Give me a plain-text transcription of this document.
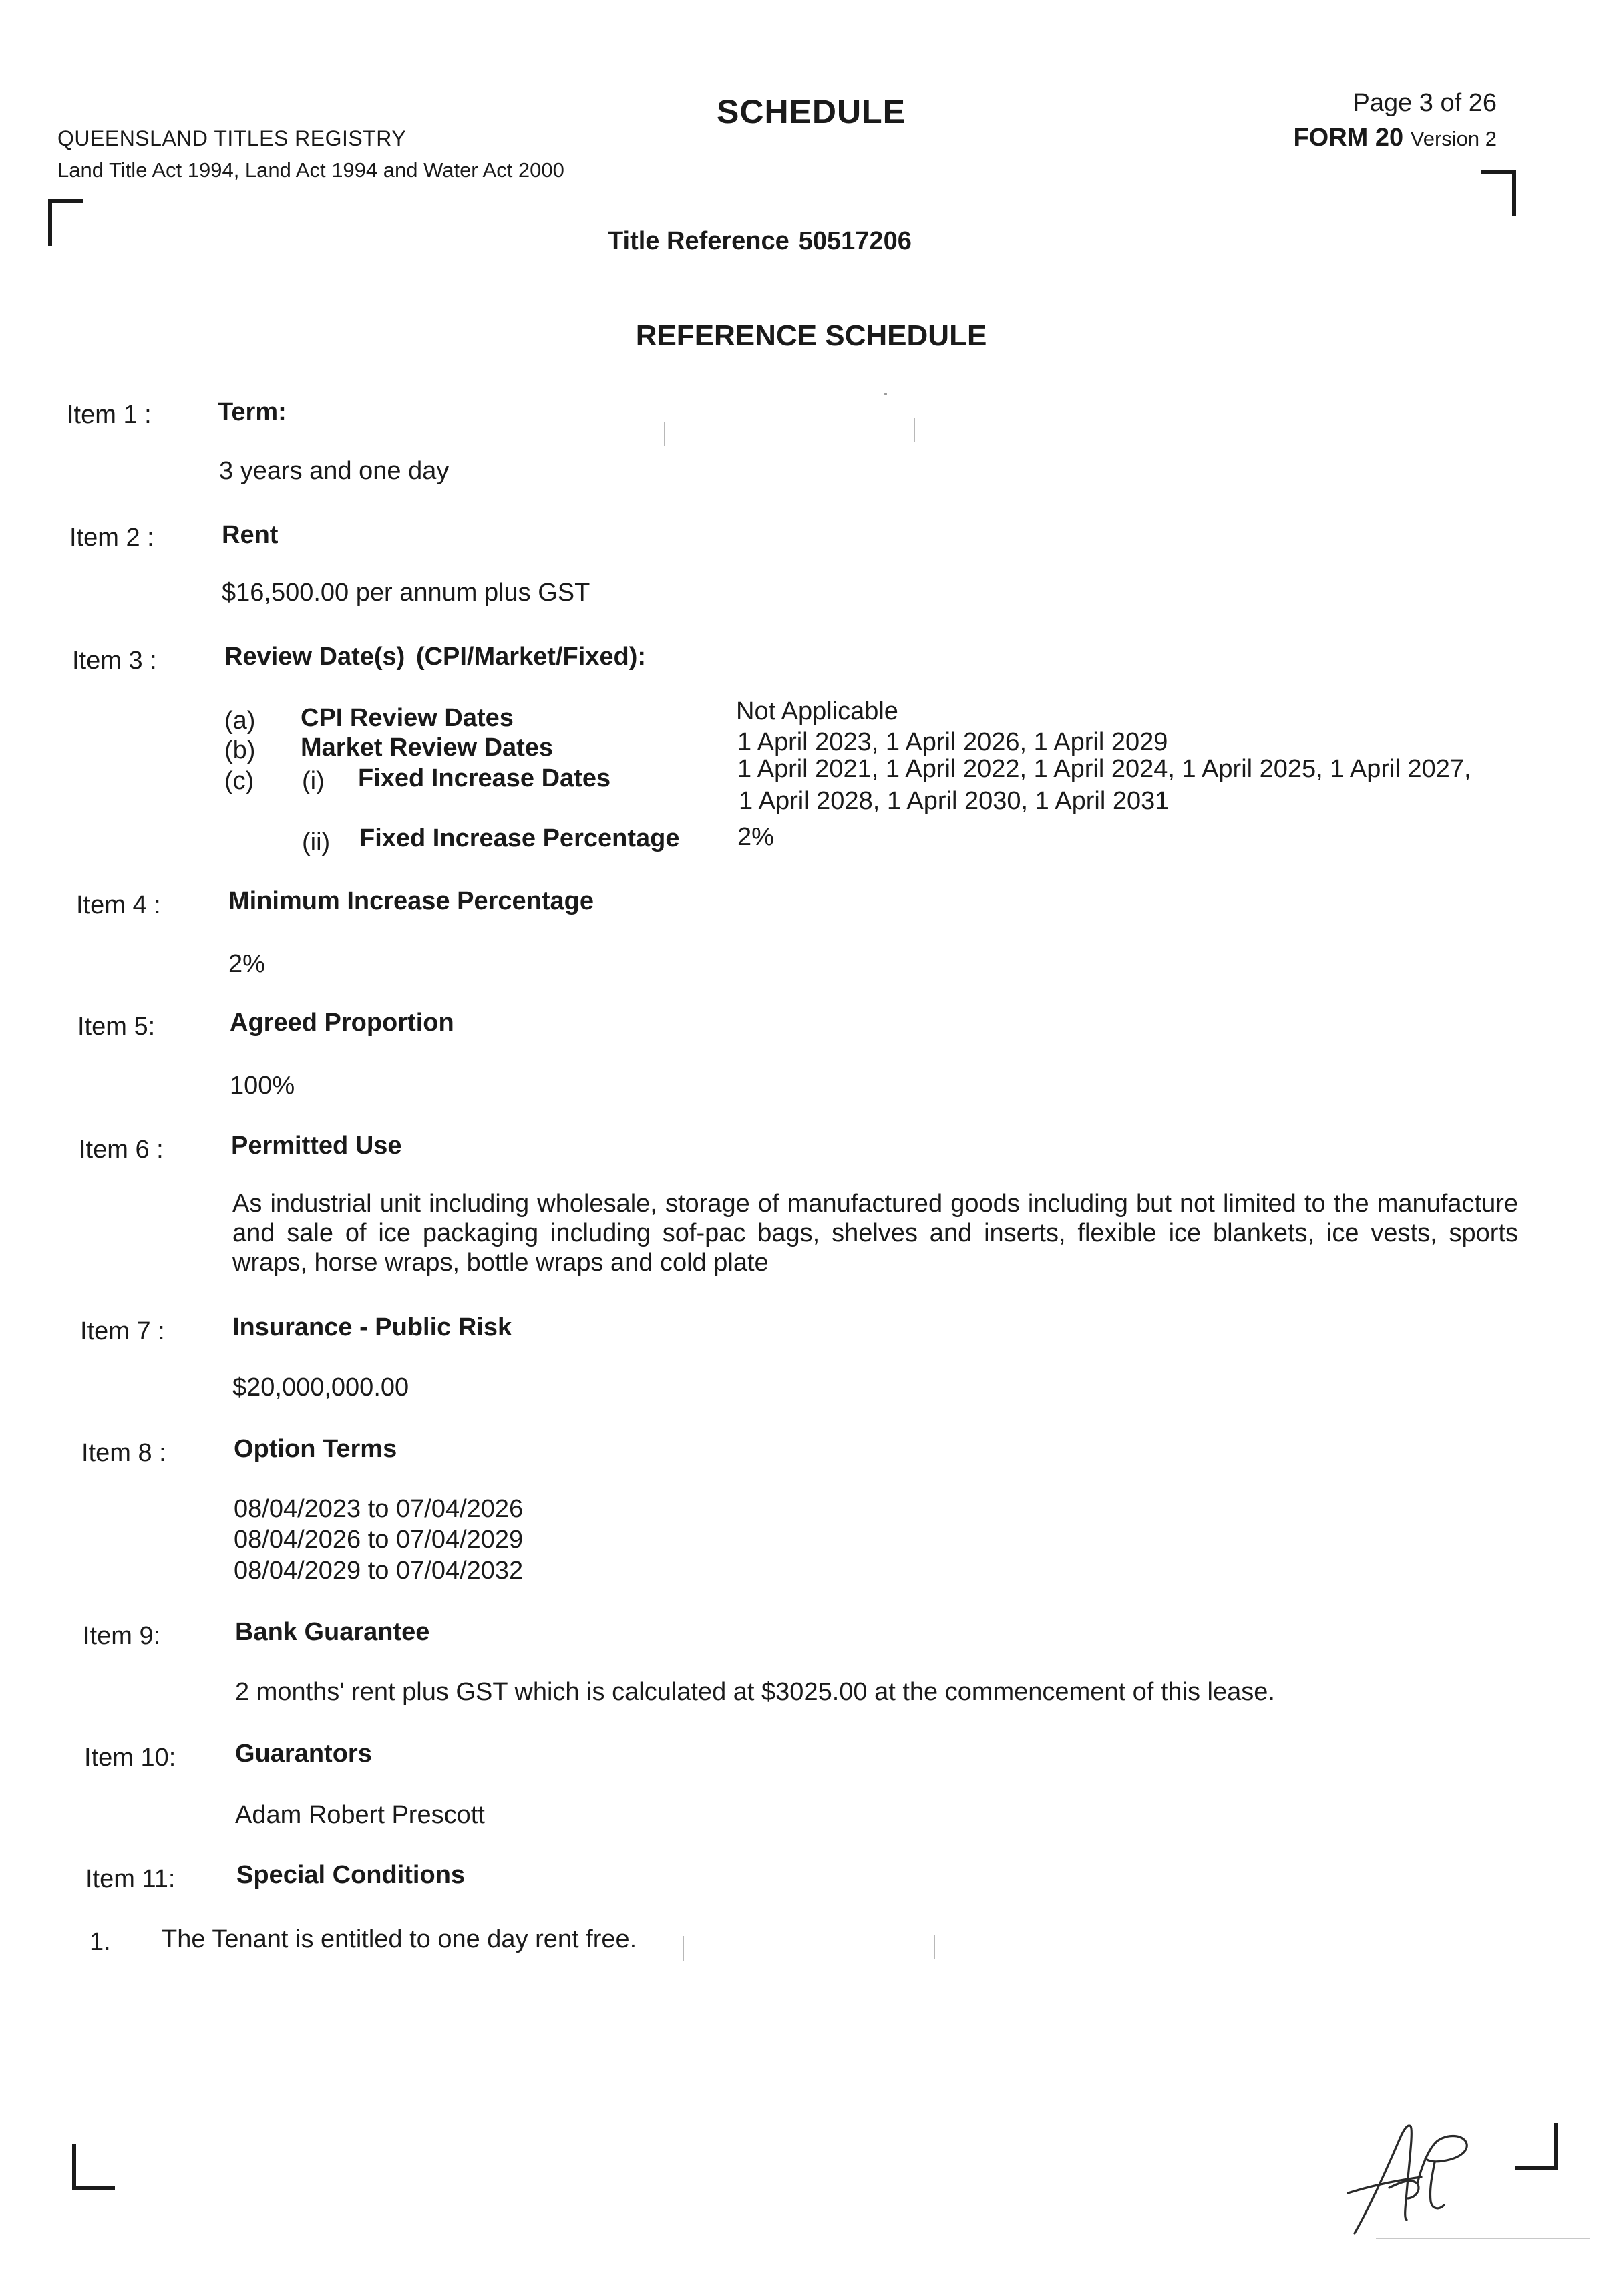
QUEENSLAND TITLES REGISTRY
Land Title Act 1994, Land Act 1994 and Water Act 2000
SCHEDULE	Page 3 of 26
FORM 20 Version 2
Title Reference 50517206
REFERENCE SCHEDULE
Item 1 :	Term:
3 years and one day
Item 2 :	Rent
$16,500.00 per annum plus GST
Item 3 :	Review Date(s) (CPI/Market/Fixed):
(a) CPI Review Dates	Not Applicable
(b) Market Review Dates	1 April 2023, 1 April 2026, 1 April 2029
(c) (i) Fixed Increase Dates	1 April 2021, 1 April 2022, 1 April 2024, 1 April 2025, 1 April 2027,
1 April 2028, 1 April 2030, 1 April 2031
(ii) Fixed Increase Percentage 2%
Item 4 :	Minimum Increase Percentage
2%
Item 5:	Agreed Proportion
100%
Item 6 :	Permitted Use
As industrial unit including wholesale, storage of manufactured goods including but not limited to the manufacture and sale of ice packaging including sof-pac bags, shelves and inserts, flexible ice blankets, ice vests, sports wraps, horse wraps, bottle wraps and cold plate
Item 7 :	Insurance - Public Risk
$20,000,000.00
Item 8 :	Option Terms
08/04/2023 to 07/04/2026
08/04/2026 to 07/04/2029
08/04/2029 to 07/04/2032
Item 9:	Bank Guarantee
2 months' rent plus GST which is calculated at $3025.00 at the commencement of this lease.
Item 10: Guarantors
Adam Robert Prescott
Item 11: Special Conditions
1. The Tenant is entitled to one day rent free.
